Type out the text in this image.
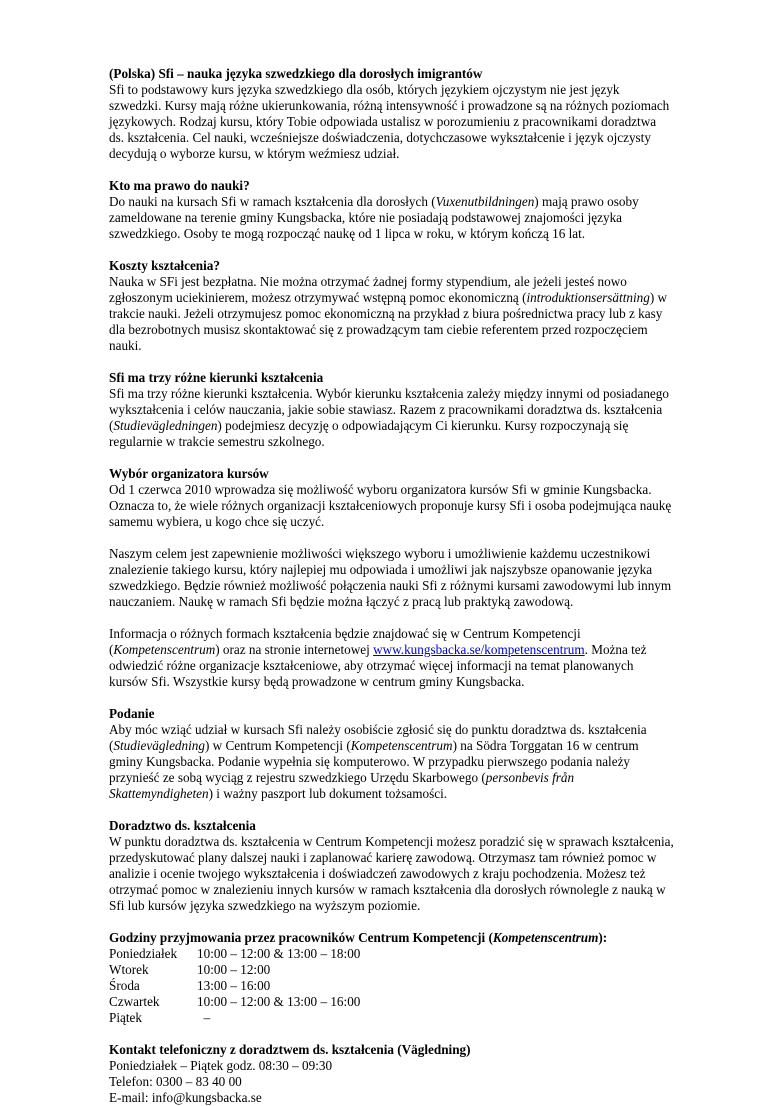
(Polska) Sfi – nauka języka szwedzkiego dla dorosłych imigrantów
Sfi to podstawowy kurs języka szwedzkiego dla osób, których językiem ojczystym nie jest język szwedzki. Kursy mają różne ukierunkowania, różną intensywność i prowadzone są na różnych poziomach językowych. Rodzaj kursu, który Tobie odpowiada ustalisz w porozumieniu z pracownikami doradztwa ds. kształcenia. Cel nauki, wcześniejsze doświadczenia, dotychczasowe wykształcenie i język ojczysty decydują o wyborze kursu, w którym weźmiesz udział.
Kto ma prawo do nauki?
Do nauki na kursach Sfi w ramach kształcenia dla dorosłych (Vuxenutbildningen) mają prawo osoby zameldowane na terenie gminy Kungsbacka, które nie posiadają podstawowej znajomości języka szwedzkiego. Osoby te mogą rozpocząć naukę od 1 lipca w roku, w którym kończą 16 lat.
Koszty kształcenia?
Nauka w SFi jest bezpłatna. Nie można otrzymać żadnej formy stypendium, ale jeżeli jesteś nowo zgłoszonym uciekinierem, możesz otrzymywać wstępną pomoc ekonomiczną (introduktionsersättning) w trakcie nauki. Jeżeli otrzymujesz pomoc ekonomiczną na przykład z biura pośrednictwa pracy lub z kasy dla bezrobotnych musisz skontaktować się z prowadzącym tam ciebie referentem przed rozpoczęciem nauki.
Sfi ma trzy różne kierunki kształcenia
Sfi ma trzy różne kierunki kształcenia. Wybór kierunku kształcenia zależy między innymi od posiadanego wykształcenia i celów nauczania, jakie sobie stawiasz. Razem z pracownikami doradztwa ds. kształcenia (Studievägledningen) podejmiesz decyzję o odpowiadającym Ci kierunku. Kursy rozpoczynają się regularnie w trakcie semestru szkolnego.

Wybór organizatora kursów
Od 1 czerwca 2010 wprowadza się możliwość wyboru organizatora kursów Sfi w gminie Kungsbacka. Oznacza to, że wiele różnych organizacji kształceniowych proponuje kursy Sfi i osoba podejmująca naukę samemu wybiera, u kogo chce się uczyć.

Naszym celem jest zapewnienie możliwości większego wyboru i umożliwienie każdemu uczestnikowi znalezienie takiego kursu, który najlepiej mu odpowiada i umożliwi jak najszybsze opanowanie języka szwedzkiego. Będzie również możliwość połączenia nauki Sfi z różnymi kursami zawodowymi lub innym nauczaniem. Naukę w ramach Sfi będzie można łączyć z pracą lub praktyką zawodową.

Informacja o różnych formach kształcenia będzie znajdować się w Centrum Kompetencji (Kompetenscentrum) oraz na stronie internetowej www.kungsbacka.se/kompetenscentrum. Można też odwiedzić różne organizacje kształceniowe, aby otrzymać więcej informacji na temat planowanych kursów Sfi. Wszystkie kursy będą prowadzone w centrum gminy Kungsbacka.

Podanie
Aby móc wziąć udział w kursach Sfi należy osobiście zgłosić się do punktu doradztwa ds. kształcenia (Studievägledning) w Centrum Kompetencji (Kompetenscentrum) na Södra Torggatan 16 w centrum gminy Kungsbacka. Podanie wypełnia się komputerowo. W przypadku pierwszego podania należy przynieść ze sobą wyciąg z rejestru szwedzkiego Urzędu Skarbowego (personbevis från Skattemyndigheten) i ważny paszport lub dokument tożsamości.
Doradztwo ds. kształcenia
W punktu doradztwa ds. kształcenia w Centrum Kompetencji możesz poradzić się w sprawach kształcenia, przedyskutować plany dalszej nauki i zaplanować karierę zawodową. Otrzymasz tam również pomoc w analizie i ocenie twojego wykształcenia i doświadczeń zawodowych z kraju pochodzenia. Możesz też otrzymać pomoc w znalezieniu innych kursów w ramach kształcenia dla dorosłych równolegle z nauką w Sfi lub kursów języka szwedzkiego na wyższym poziomie.
Godziny przyjmowania przez pracowników Centrum Kompetencji (Kompetenscentrum):
Poniedziałek	10:00 – 12:00 & 13:00 – 18:00
Wtorek	10:00 – 12:00
Środa	13:00 – 16:00
Czwartek	10:00 – 12:00 & 13:00 – 16:00
Piątek	–
Kontakt telefoniczny z doradztwem ds. kształcenia (Vägledning)
Poniedziałek – Piątek godz. 08:30 – 09:30
Telefon: 0300 – 83 40 00
E-mail: info@kungsbacka.se
